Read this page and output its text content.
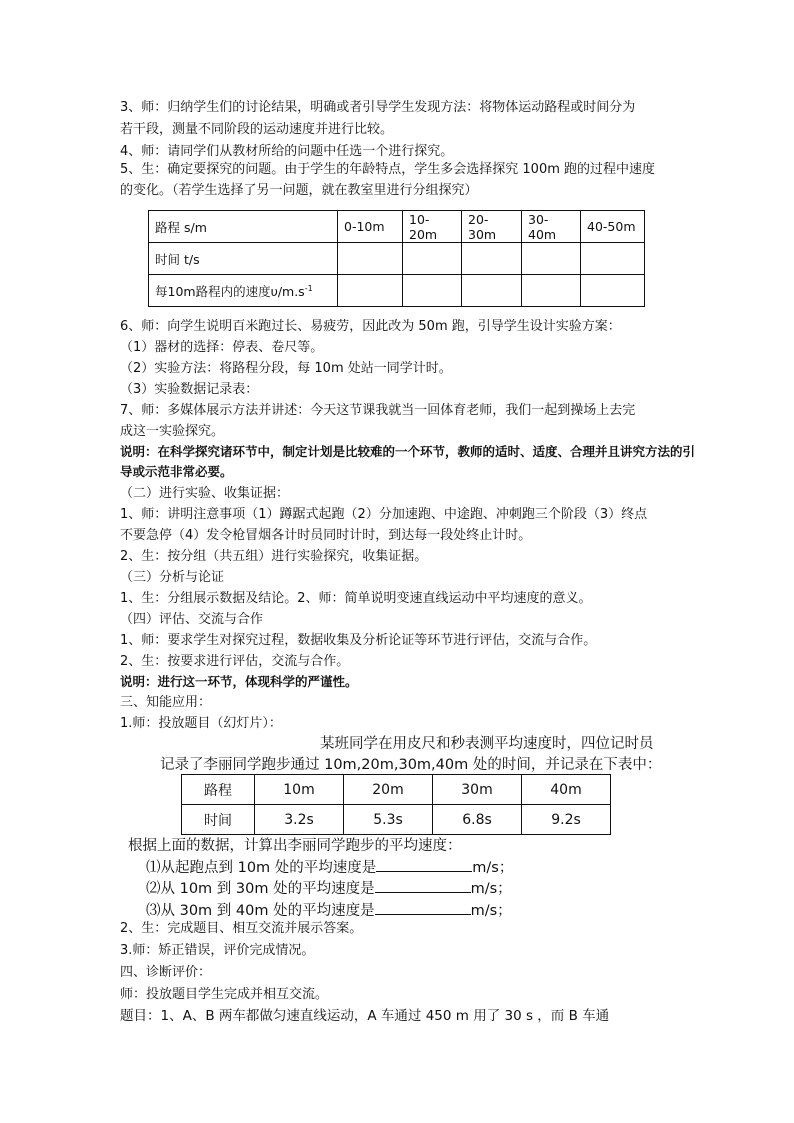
3、师：归纳学生们的讨论结果，明确或者引导学生发现方法：将物体运动路程或时间分为
若干段，测量不同阶段的运动速度并进行比较。
4、师：请同学们从教材所给的问题中任选一个进行探究。
5、生：确定要探究的问题。由于学生的年龄特点，学生多会选择探究 100m 跑的过程中速度
的变化。（若学生选择了另一问题，就在教室里进行分组探究）
路程 s/m	0-10m	10-20m	20-30m	30-40m	40-50m
时间 t/s					
每10m路程内的速度$\upsilon/m.s^{-1}$					
6、师：向学生说明百米跑过长、易疲劳，因此改为 50m 跑，引导学生设计实验方案：
（1）器材的选择：停表、卷尺等。
（2）实验方法：将路程分段，每 10m 处站一同学计时。
（3）实验数据记录表：
7、师：多媒体展示方法并讲述：今天这节课我就当一回体育老师，我们一起到操场上去完
成这一实验探究。
说明：在科学探究诸环节中，制定计划是比较难的一个环节，教师的适时、适度、合理并且讲究方法的引
导或示范非常必要。
（二）进行实验、收集证据：
1、师：讲明注意事项（1）蹲踞式起跑（2）分加速跑、中途跑、冲刺跑三个阶段（3）终点
不要急停（4）发令枪冒烟各计时员同时计时，到达每一段处终止计时。
2、生：按分组（共五组）进行实验探究，收集证据。
（三）分析与论证
1、生：分组展示数据及结论。2、师：简单说明变速直线运动中平均速度的意义。
（四）评估、交流与合作
1、师：要求学生对探究过程，数据收集及分析论证等环节进行评估，交流与合作。
2、生：按要求进行评估，交流与合作。
说明：进行这一环节，体现科学的严谨性。
三、知能应用：
1.师：投放题目（幻灯片）：
某班同学在用皮尺和秒表测平均速度时，四位记时员
记录了李丽同学跑步通过 10m,20m,30m,40m 处的时间，并记录在下表中：
路程	10m	20m	30m	40m
时间	3.2s	5.3s	6.8s	9.2s
根据上面的数据，计算出李丽同学跑步的平均速度：
⑴从起跑点到 10m 处的平均速度是	m/s；
⑵从 10m 到 30m 处的平均速度是	m/s；
⑶从 30m 到 40m 处的平均速度是	m/s；
2、生：完成题目、相互交流并展示答案。
3.师：矫正错误，评价完成情况。
四、诊断评价：
师：投放题目学生完成并相互交流。
题目：1、A、B 两车都做匀速直线运动，A 车通过 450 m 用了 30 s ，而 B 车通
